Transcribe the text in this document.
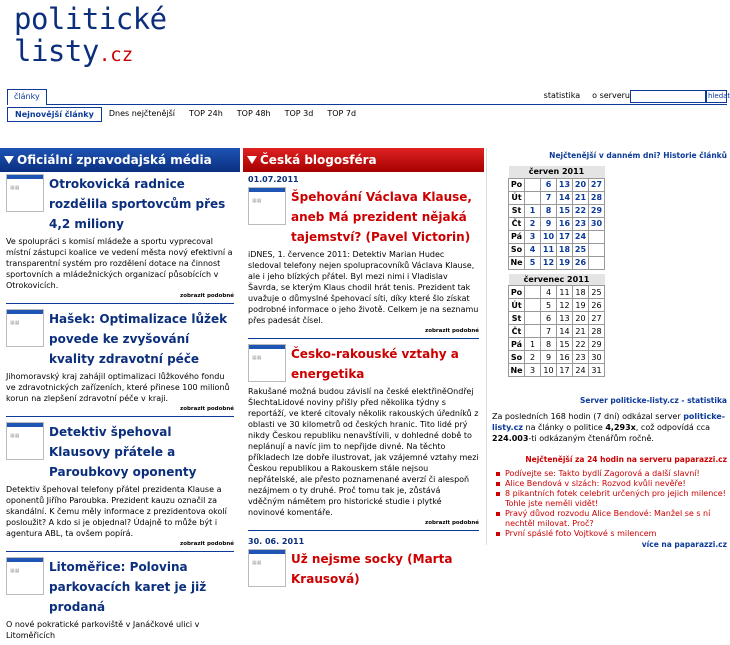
politické
listy.cz
články	statistika o serveru	hledat
Nejnovější články	Dnes nejčtenější	TOP 24h	TOP 48h	TOP 3d	TOP 7d
Oficiální zpravodajská média	Česká blogosféra
▦▦ Otrokovická radnice rozdělila sportovcům přes 4,2 miliony
Ve spolupráci s komisí mládeže a sportu vyprecoval místní zástupci koalice ve vedení města nový efektivní a transparentní systém pro rozdělení dotace na činnost sportovních a mládežnických organizací působících v Otrokovicích.
zobrazit podobné
▦▦ Hašek: Optimalizace lůžek povede ke zvyšování kvality zdravotní péče
Jihomoravský kraj zahájil optimalizaci lůžkového fondu ve zdravotnických zařízeních, které přinese 100 milionů korun na zlepšení zdravotní péče v kraji.
zobrazit podobné
▦▦ Detektiv špehoval Klausovy přátele a Paroubkovy oponenty
Detektiv špehoval telefony přátel prezidenta Klause a oponentů Jiřího Paroubka. Prezident kauzu označil za skandální. K čemu měly informace z prezidentova okolí posloužit? A kdo si je objednal? Údajně to může být i agentura ABL, ta ovšem popírá.
zobrazit podobné
▦▦ Litoměřice: Polovina parkovacích karet je již prodaná
O nové pokratické parkoviště v Janáčkové ulici v Litoměřicích
01.07.2011
▦▦ Špehování Václava Klause, aneb Má prezident nějaká tajemství? (Pavel Victorin)
iDNES, 1. července 2011: Detektiv Marian Hudec sledoval telefony nejen spolupracovníků Václava Klause, ale i jeho blízkých přátel. Byl mezi nimi i Vladislav Šavrda, se kterým Klaus chodil hrát tenis. Prezident tak uvažuje o důmyslné špehovací síti, díky které šlo získat podrobné informace o jeho životě. Celkem je na seznamu přes padesát čísel.
zobrazit podobné
▦▦ Česko-rakouské vztahy a energetika
Rakušané možná budou závislí na české elektřiněOndřej ŠlechtaLidové noviny přišly před několika týdny s reportáží, ve které citovaly několik rakouských úředníků z oblasti ve 30 kilometrů od českých hranic. Tito lidé prý nikdy Českou republiku nenavštívili, v dohledné době to neplánují a navíc jim to nepřijde divné. Na těchto příkladech lze dobře ilustrovat, jak vzájemné vztahy mezi Českou republikou a Rakouskem stále nejsou nepřátelské, ale přesto poznamenané averzí či alespoň nezájmem o ty druhé. Proč tomu tak je, zůstává vděčným námětem pro historické studie i plytké novinové komentáře.
zobrazit podobné
30. 06. 2011
▦▦ Už nejsme socky (Marta Krausová)
Nejčtenější v danném dni? Historie článků
červen 2011					
Po		6	13	20	27
Út		7	14	21	28
St	1	8	15	22	29
Čt	2	9	16	23	30
Pá	3	10	17	24	
So	4	11	18	25	
Ne	5	12	19	26	
červenec 2011					
Po		4	11	18	25
Út		5	12	19	26
St		6	13	20	27
Čt		7	14	21	28
Pá	1	8	15	22	29
So	2	9	16	23	30
Ne	3	10	17	24	31
Server politicke-listy.cz - statistika
Za posledních 168 hodin (7 dní) odkázal server politicke-listy.cz na články o politice 4,293x, což odpovídá cca 224.003-ti odkázaným čtenářům ročně.
Nejčtenější za 24 hodin na serveru paparazzi.cz
Podívejte se: Takto bydlí Zagorová a další slavní!
Alice Bendová v slzách: Rozvod kvůli nevěře!
8 pikantních fotek celebrit určených pro jejich milence! Tohle jste neměli vidět!
Pravý důvod rozvodu Alice Bendové: Manžel se s ní nechtěl milovat. Proč?
První spáslé foto Vojtkové s milencem
více na paparazzi.cz
